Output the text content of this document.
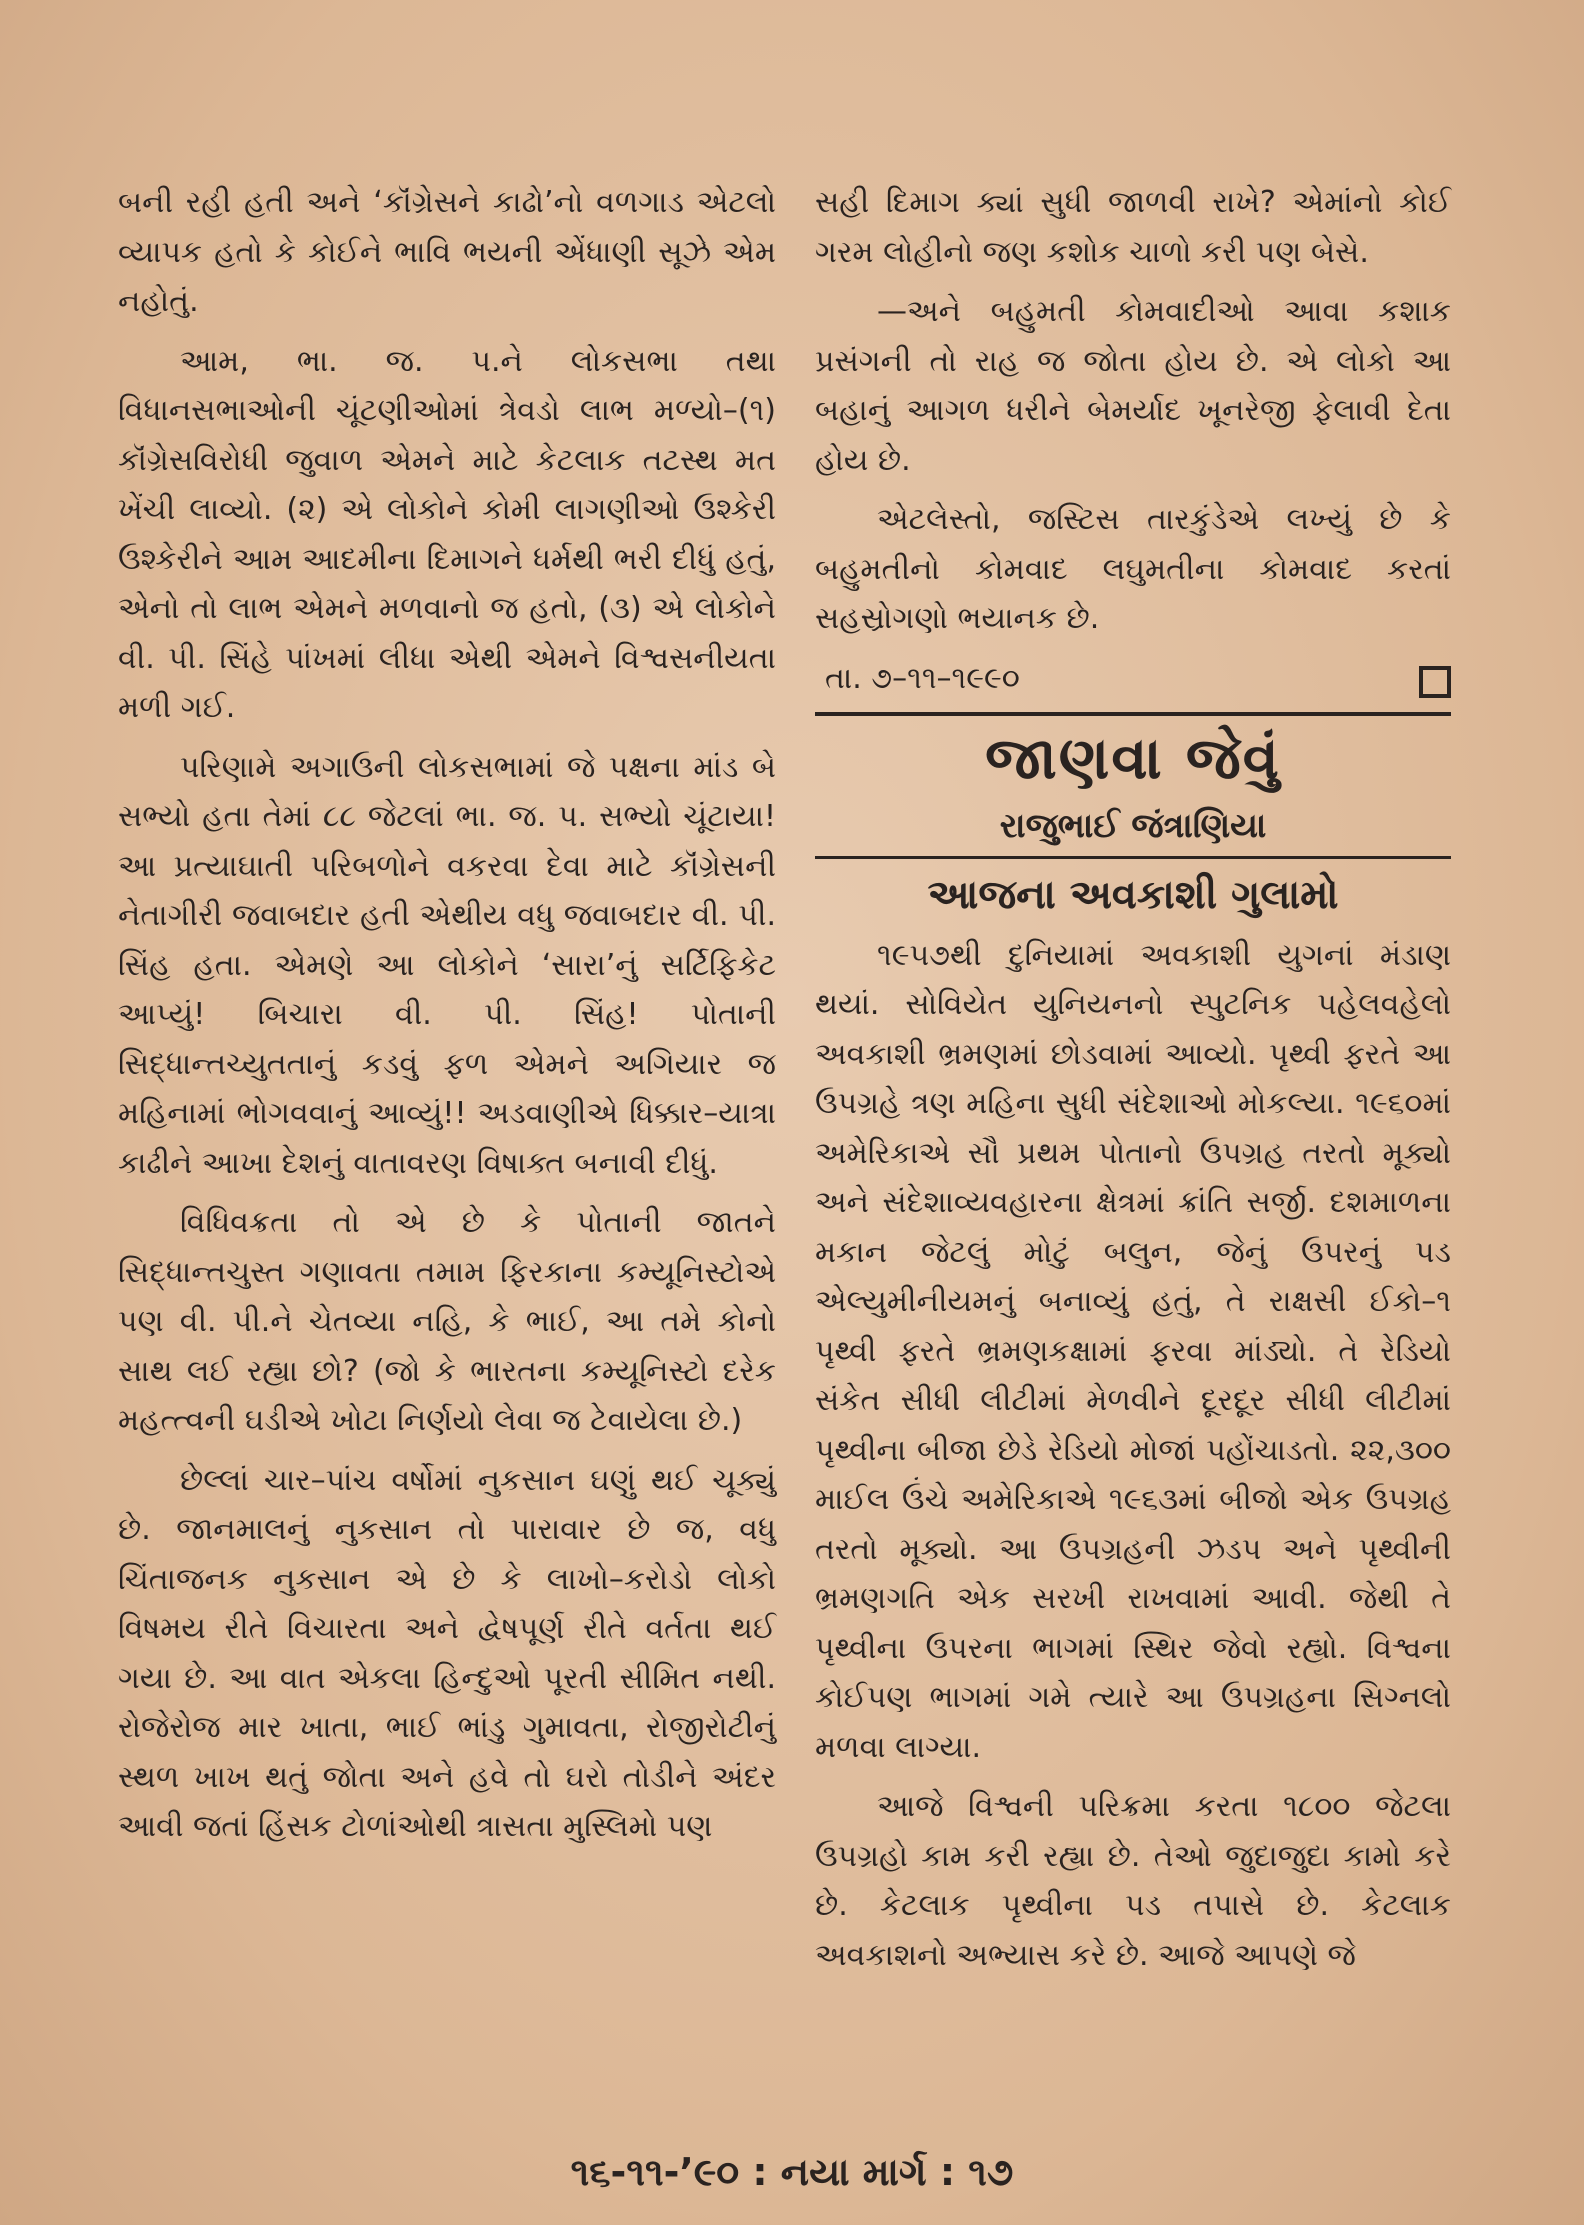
બની રહી હતી અને ‘કૉંગ્રેસને કાઢો’નો વળગાડ એટલો વ્યાપક હતો કે કોઈને ભાવિ ભયની એંધાણી સૂઝે એમ નહોતું.

આમ, ભા. જ. પ.ને લોકસભા તથા વિધાનસભાઓની ચૂંટણીઓમાં ત્રેવડો લાભ મળ્યો–(૧) કૉંગ્રેસવિરોધી જુવાળ એમને માટે કેટલાક તટસ્થ મત ખેંચી લાવ્યો. (૨) એ લોકોને કોમી લાગણીઓ ઉશ્કેરી ઉશ્કેરીને આમ આદમીના દિમાગને ધર્મથી ભરી દીધું હતું, એનો તો લાભ એમને મળવાનો જ હતો, (૩) એ લોકોને વી. પી. સિંહે પાંખમાં લીધા એથી એમને વિશ્વસનીયતા મળી ગઈ.

પરિણામે અગાઉની લોકસભામાં જે પક્ષના માંડ બે સભ્યો હતા તેમાં ૮૮ જેટલાં ભા. જ. પ. સભ્યો ચૂંટાયા! આ પ્રત્યાઘાતી પરિબળોને વકરવા દેવા માટે કૉંગ્રેસની નેતાગીરી જવાબદાર હતી એથીય વધુ જવાબદાર વી. પી. સિંહ હતા. એમણે આ લોકોને ‘સારા’નું સર્ટિફિકેટ આપ્યું! બિચારા વી. પી. સિંહ! પોતાની સિદ્ધાન્તચ્યુતતાનું કડવું ફળ એમને અગિયાર જ મહિનામાં ભોગવવાનું આવ્યું!! અડવાણીએ ધિક્કાર–યાત્રા કાઢીને આખા દેશનું વાતાવરણ વિષાક્ત બનાવી દીધું.

વિધિવક્રતા તો એ છે કે પોતાની જાતને સિદ્ધાન્તચુસ્ત ગણાવતા તમામ ફિરકાના કમ્યૂનિસ્ટોએ પણ વી. પી.ને ચેતવ્યા નહિ, કે ભાઈ, આ તમે કોનો સાથ લઈ રહ્યા છો? (જો કે ભારતના કમ્યૂનિસ્ટો દરેક મહત્ત્વની ઘડીએ ખોટા નિર્ણયો લેવા જ ટેવાયેલા છે.)

છેલ્લાં ચાર–પાંચ વર્ષોમાં નુકસાન ઘણું થઈ ચૂક્યું છે. જાનમાલનું નુકસાન તો પારાવાર છે જ, વધુ ચિંતાજનક નુકસાન એ છે કે લાખો–કરોડો લોકો વિષમય રીતે વિચારતા અને દ્વેષપૂર્ણ રીતે વર્તતા થઈ ગયા છે. આ વાત એકલા હિન્દુઓ પૂરતી સીમિત નથી. રોજેરોજ માર ખાતા, ભાઈ ભાંડુ ગુમાવતા, રોજીરોટીનું સ્થળ ખાખ થતું જોતા અને હવે તો ઘરો તોડીને અંદર આવી જતાં હિંસક ટોળાંઓથી ત્રાસતા મુસ્લિમો પણ

સહી દિમાગ ક્યાં સુધી જાળવી રાખે? એમાંનો કોઈ ગરમ લોહીનો જણ કશોક ચાળો કરી પણ બેસે.

—અને બહુમતી કોમવાદીઓ આવા કશાક પ્રસંગની તો રાહ જ જોતા હોય છે. એ લોકો આ બહાનું આગળ ધરીને બેમર્યાદ ખૂનરેજી ફેલાવી દેતા હોય છે.

એટલેસ્તો, જસ્ટિસ તારકુંડેએ લખ્યું છે કે બહુમતીનો કોમવાદ લઘુમતીના કોમવાદ કરતાં સહસ્રોગણો ભયાનક છે.

તા. ૭–૧૧–૧૯૯૦
જાણવા જેવું
રાજુભાઈ જંત્રાણિયા
આજના અવકાશી ગુલામો

૧૯૫૭થી દુનિયામાં અવકાશી યુગનાં મંડાણ થયાં. સોવિયેત યુનિયનનો સ્પુટનિક પહેલવહેલો અવકાશી ભ્રમણમાં છોડવામાં આવ્યો. પૃથ્વી ફરતે આ ઉપગ્રહે ત્રણ મહિના સુધી સંદેશાઓ મોકલ્યા. ૧૯૬૦માં અમેરિકાએ સૌ પ્રથમ પોતાનો ઉપગ્રહ તરતો મૂક્યો અને સંદેશાવ્યવહારના ક્ષેત્રમાં ક્રાંતિ સર્જી. દશમાળના મકાન જેટલું મોટું બલુન, જેનું ઉપરનું પડ એલ્યુમીનીયમનું બનાવ્યું હતું, તે રાક્ષસી ઈકો–૧ પૃથ્વી ફરતે ભ્રમણકક્ષામાં ફરવા માંડ્યો. તે રેડિયો સંકેત સીધી લીટીમાં મેળવીને દૂરદૂર સીધી લીટીમાં પૃથ્વીના બીજા છેડે રેડિયો મોજાં પહોંચાડતો. ૨૨,૩૦૦ માઈલ ઉંચે અમેરિકાએ ૧૯૬૩માં બીજો એક ઉપગ્રહ તરતો મૂક્યો. આ ઉપગ્રહની ઝડપ અને પૃથ્વીની ભ્રમણગતિ એક સરખી રાખવામાં આવી. જેથી તે પૃથ્વીના ઉપરના ભાગમાં સ્થિર જેવો રહ્યો. વિશ્વના કોઈપણ ભાગમાં ગમે ત્યારે આ ઉપગ્રહના સિગ્નલો મળવા લાગ્યા.

આજે વિશ્વની પરિક્રમા કરતા ૧૮૦૦ જેટલા ઉપગ્રહો કામ કરી રહ્યા છે. તેઓ જુદાજુદા કામો કરે છે. કેટલાક પૃથ્વીના પડ તપાસે છે. કેટલાક અવકાશનો અભ્યાસ કરે છે. આજે આપણે જે

૧૬-૧૧-’૯૦ : નયા માર્ગ : ૧૭
